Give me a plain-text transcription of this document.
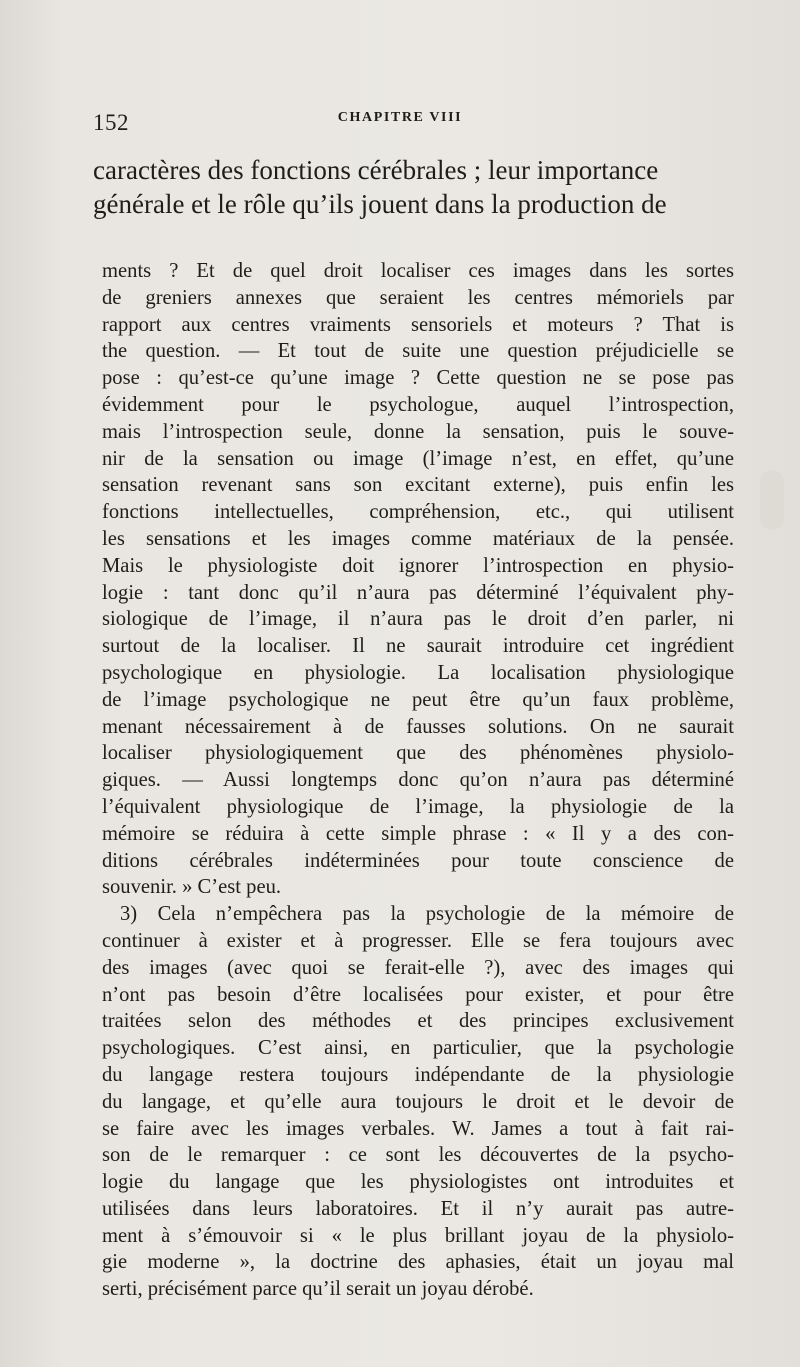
152	CHAPITRE VIII
caractères des fonctions cérébrales ; leur importance
générale et le rôle qu’ils jouent dans la production de
ments ? Et de quel droit localiser ces images dans les sortes
de greniers annexes que seraient les centres mémoriels par
rapport aux centres vraiments sensoriels et moteurs ? That is
the question. — Et tout de suite une question préjudicielle se
pose : qu’est-ce qu’une image ? Cette question ne se pose pas
évidemment pour le psychologue, auquel l’introspection,
mais l’introspection seule, donne la sensation, puis le souve-
nir de la sensation ou image (l’image n’est, en effet, qu’une
sensation revenant sans son excitant externe), puis enfin les
fonctions intellectuelles, compréhension, etc., qui utilisent
les sensations et les images comme matériaux de la pensée.
Mais le physiologiste doit ignorer l’introspection en physio-
logie : tant donc qu’il n’aura pas déterminé l’équivalent phy-
siologique de l’image, il n’aura pas le droit d’en parler, ni
surtout de la localiser. Il ne saurait introduire cet ingrédient
psychologique en physiologie. La localisation physiologique
de l’image psychologique ne peut être qu’un faux problème,
menant nécessairement à de fausses solutions. On ne saurait
localiser physiologiquement que des phénomènes physiolo-
giques. — Aussi longtemps donc qu’on n’aura pas déterminé
l’équivalent physiologique de l’image, la physiologie de la
mémoire se réduira à cette simple phrase : « Il y a des con-
ditions cérébrales indéterminées pour toute conscience de
souvenir. » C’est peu.
3) Cela n’empêchera pas la psychologie de la mémoire de
continuer à exister et à progresser. Elle se fera toujours avec
des images (avec quoi se ferait-elle ?), avec des images qui
n’ont pas besoin d’être localisées pour exister, et pour être
traitées selon des méthodes et des principes exclusivement
psychologiques. C’est ainsi, en particulier, que la psychologie
du langage restera toujours indépendante de la physiologie
du langage, et qu’elle aura toujours le droit et le devoir de
se faire avec les images verbales. W. James a tout à fait rai-
son de le remarquer : ce sont les découvertes de la psycho-
logie du langage que les physiologistes ont introduites et
utilisées dans leurs laboratoires. Et il n’y aurait pas autre-
ment à s’émouvoir si « le plus brillant joyau de la physiolo-
gie moderne », la doctrine des aphasies, était un joyau mal
serti, précisément parce qu’il serait un joyau dérobé.
